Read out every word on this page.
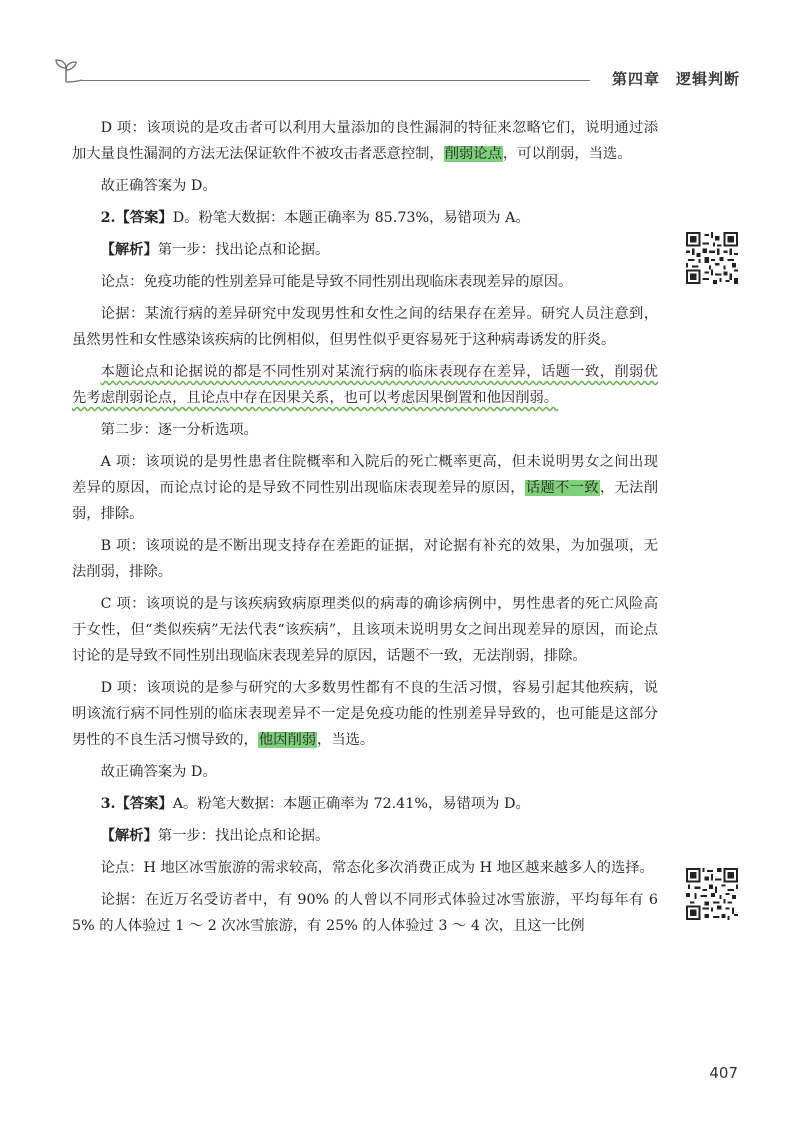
第四章　逻辑判断

D 项：该项说的是攻击者可以利用大量添加的良性漏洞的特征来忽略它们，说明通过添加大量良性漏洞的方法无法保证软件不被攻击者恶意控制，削弱论点，可以削弱，当选。

故正确答案为 D。

2.【答案】D。粉笔大数据：本题正确率为 85.73%，易错项为 A。

【解析】第一步：找出论点和论据。

论点：免疫功能的性别差异可能是导致不同性别出现临床表现差异的原因。

论据：某流行病的差异研究中发现男性和女性之间的结果存在差异。研究人员注意到，虽然男性和女性感染该疾病的比例相似，但男性似乎更容易死于这种病毒诱发的肝炎。

本题论点和论据说的都是不同性别对某流行病的临床表现存在差异，话题一致，削弱优先考虑削弱论点，且论点中存在因果关系，也可以考虑因果倒置和他因削弱。

第二步：逐一分析选项。

A 项：该项说的是男性患者住院概率和入院后的死亡概率更高，但未说明男女之间出现差异的原因，而论点讨论的是导致不同性别出现临床表现差异的原因，话题不一致，无法削弱，排除。

B 项：该项说的是不断出现支持存在差距的证据，对论据有补充的效果，为加强项，无法削弱，排除。

C 项：该项说的是与该疾病致病原理类似的病毒的确诊病例中，男性患者的死亡风险高于女性，但“类似疾病”无法代表“该疾病”，且该项未说明男女之间出现差异的原因，而论点讨论的是导致不同性别出现临床表现差异的原因，话题不一致，无法削弱，排除。

D 项：该项说的是参与研究的大多数男性都有不良的生活习惯，容易引起其他疾病，说明该流行病不同性别的临床表现差异不一定是免疫功能的性别差异导致的，也可能是这部分男性的不良生活习惯导致的，他因削弱，当选。

故正确答案为 D。

3.【答案】A。粉笔大数据：本题正确率为 72.41%，易错项为 D。

【解析】第一步：找出论点和论据。

论点：H 地区冰雪旅游的需求较高，常态化多次消费正成为 H 地区越来越多人的选择。

论据：在近万名受访者中，有 90% 的人曾以不同形式体验过冰雪旅游，平均每年有 65% 的人体验过 1 ～ 2 次冰雪旅游，有 25% 的人体验过 3 ～ 4 次，且这一比例

407
